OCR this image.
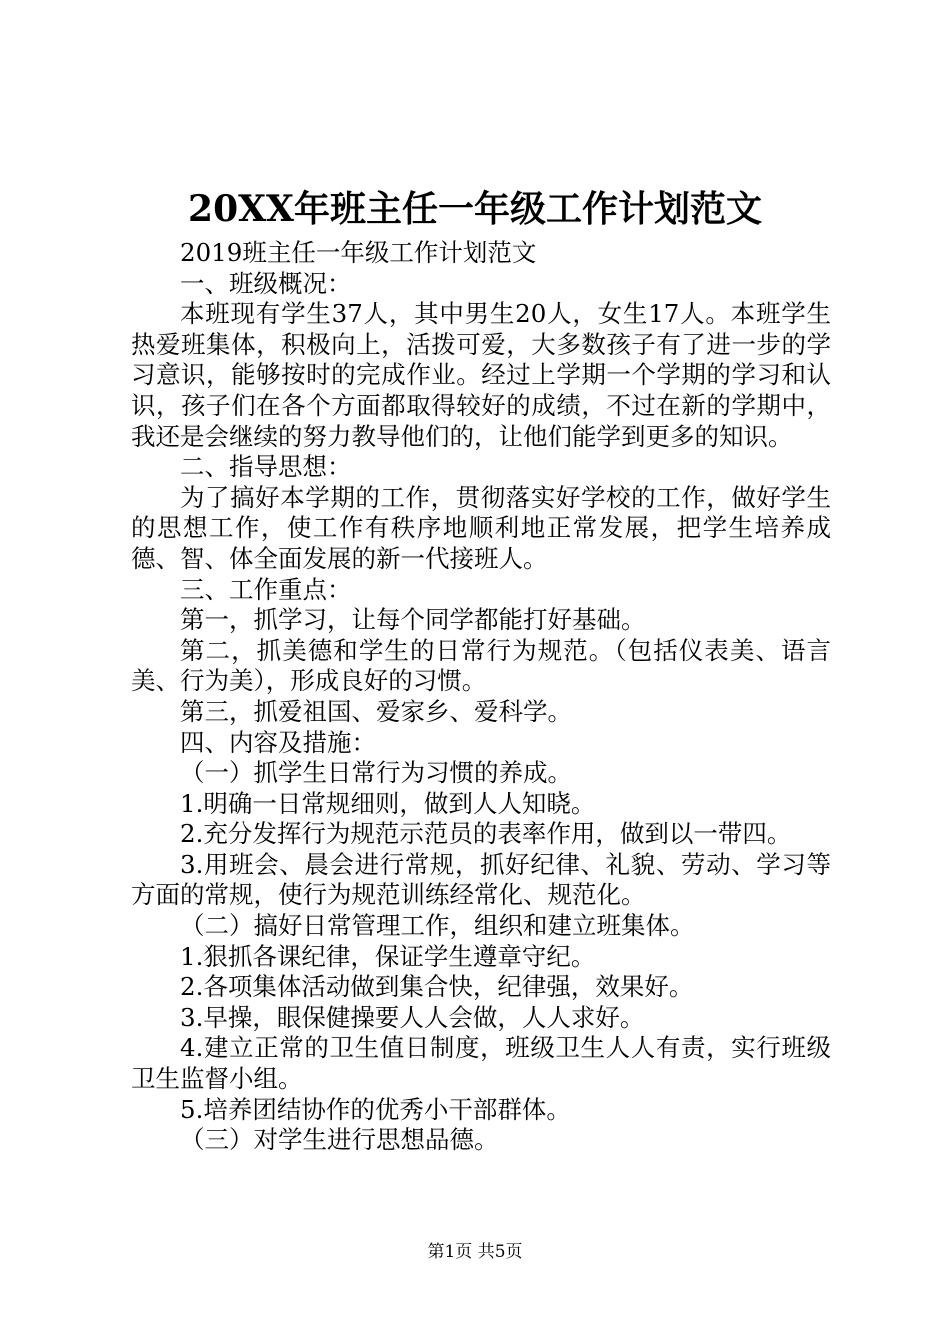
20XX年班主任一年级工作计划范文

2019班主任一年级工作计划范文

一、班级概况：

本班现有学生37人，其中男生20人，女生17人。本班学生热爱班集体，积极向上，活拨可爱，大多数孩子有了进一步的学习意识，能够按时的完成作业。经过上学期一个学期的学习和认识，孩子们在各个方面都取得较好的成绩，不过在新的学期中，我还是会继续的努力教导他们的，让他们能学到更多的知识。

二、指导思想：

为了搞好本学期的工作，贯彻落实好学校的工作，做好学生的思想工作，使工作有秩序地顺利地正常发展，把学生培养成德、智、体全面发展的新一代接班人。

三、工作重点：

第一，抓学习，让每个同学都能打好基础。

第二，抓美德和学生的日常行为规范。（包括仪表美、语言美、行为美），形成良好的习惯。

第三，抓爱祖国、爱家乡、爱科学。

四、内容及措施：

（一）抓学生日常行为习惯的养成。

1.明确一日常规细则，做到人人知晓。

2.充分发挥行为规范示范员的表率作用，做到以一带四。

3.用班会、晨会进行常规，抓好纪律、礼貌、劳动、学习等方面的常规，使行为规范训练经常化、规范化。

（二）搞好日常管理工作，组织和建立班集体。

1.狠抓各课纪律，保证学生遵章守纪。

2.各项集体活动做到集合快，纪律强，效果好。

3.早操，眼保健操要人人会做，人人求好。

4.建立正常的卫生值日制度，班级卫生人人有责，实行班级卫生监督小组。

5.培养团结协作的优秀小干部群体。

（三）对学生进行思想品德。

第1页 共5页
